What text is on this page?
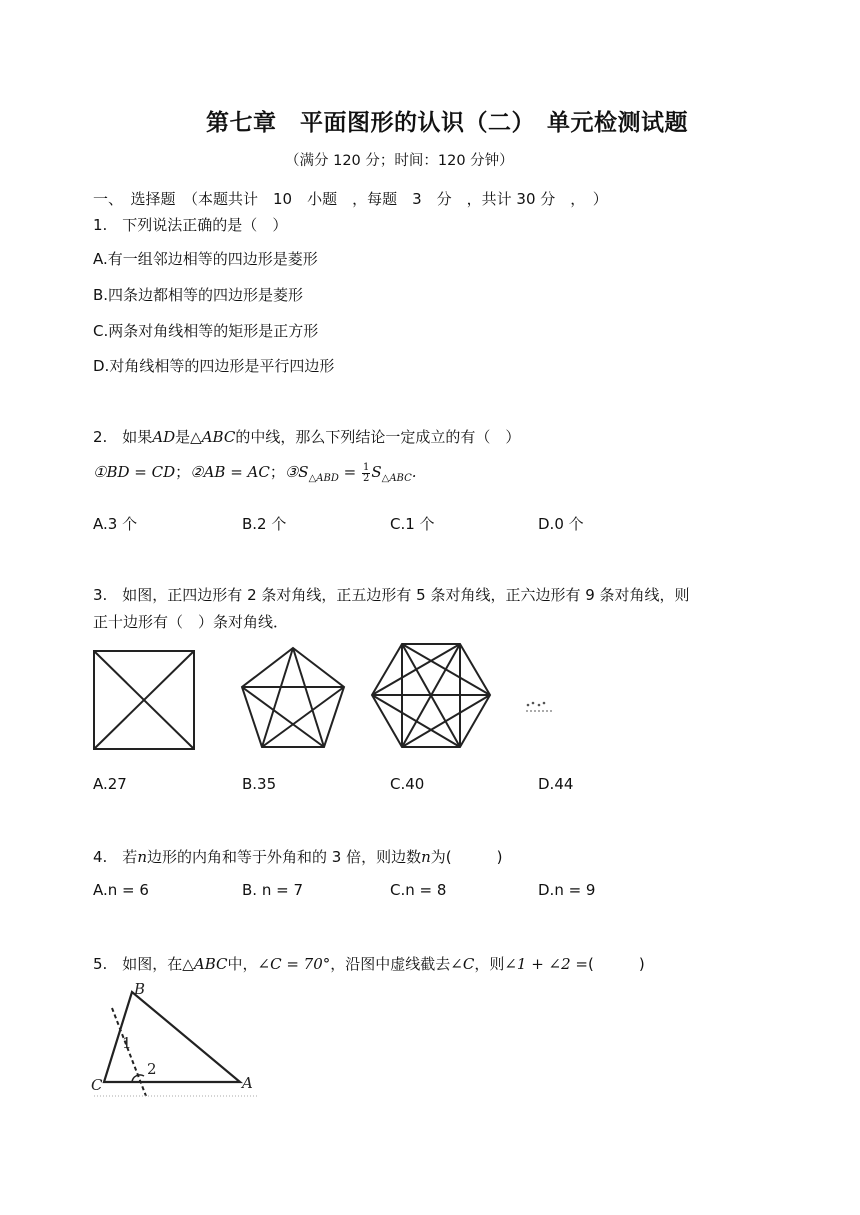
第七章　平面图形的认识（二）　单元检测试题
（满分 120 分；时间：120 分钟）
一、　选择题　（本题共计　10　小题　，每题　3　分　，共计 30 分　，　）
1.　下列说法正确的是（　）
A.有一组邻边相等的四边形是菱形
B.四条边都相等的四边形是菱形
C.两条对角线相等的矩形是正方形
D.对角线相等的四边形是平行四边形
2.　如果AD是△ABC的中线，那么下列结论一定成立的有（　）
①BD = CD；②AB = AC；$③S_{\triangle ABD} = \frac{1}{2} S_{\triangle ABC}$.
A.3 个	B.2 个	C.1 个	D.0 个
3.　如图，正四边形有 2 条对角线，正五边形有 5 条对角线，正六边形有 9 条对角线，则
正十边形有（　）条对角线．
A.27	B.35	C.40	D.44
4.　若n边形的内角和等于外角和的 3 倍，则边数n为(　　　)
A.n = 6	B. n = 7	C.n = 8	D.n = 9
5.　如图，在△ABC中，∠C = 70°，沿图中虚线截去∠C，则∠1 + ∠2 =(　　　)
B
C	A
1
2
